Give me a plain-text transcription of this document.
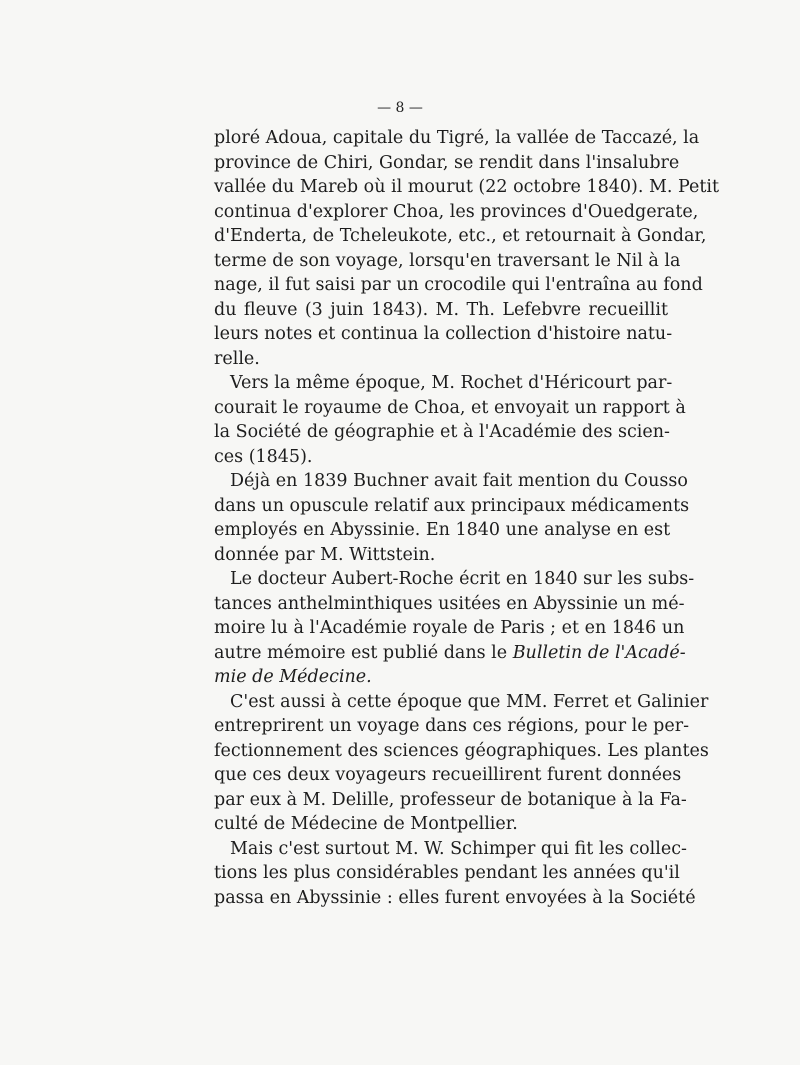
— 8 —
ploré Adoua, capitale du Tigré, la vallée de Taccazé, la
province de Chiri, Gondar, se rendit dans l'insalubre
vallée du Mareb où il mourut (22 octobre 1840). M. Petit
continua d'explorer Choa, les provinces d'Ouedgerate,
d'Enderta, de Tcheleukote, etc., et retournait à Gondar,
terme de son voyage, lorsqu'en traversant le Nil à la
nage, il fut saisi par un crocodile qui l'entraîna au fond
du fleuve (3 juin 1843). M. Th. Lefebvre recueillit
leurs notes et continua la collection d'histoire natu-
relle.
Vers la même époque, M. Rochet d'Héricourt par-
courait le royaume de Choa, et envoyait un rapport à
la Société de géographie et à l'Académie des scien-
ces (1845).
Déjà en 1839 Buchner avait fait mention du Cousso
dans un opuscule relatif aux principaux médicaments
employés en Abyssinie. En 1840 une analyse en est
donnée par M. Wittstein.
Le docteur Aubert-Roche écrit en 1840 sur les subs-
tances anthelminthiques usitées en Abyssinie un mé-
moire lu à l'Académie royale de Paris ; et en 1846 un
autre mémoire est publié dans le Bulletin de l'Acadé-
mie de Médecine.
C'est aussi à cette époque que MM. Ferret et Galinier
entreprirent un voyage dans ces régions, pour le per-
fectionnement des sciences géographiques. Les plantes
que ces deux voyageurs recueillirent furent données
par eux à M. Delille, professeur de botanique à la Fa-
culté de Médecine de Montpellier.
Mais c'est surtout M. W. Schimper qui fit les collec-
tions les plus considérables pendant les années qu'il
passa en Abyssinie : elles furent envoyées à la Société
